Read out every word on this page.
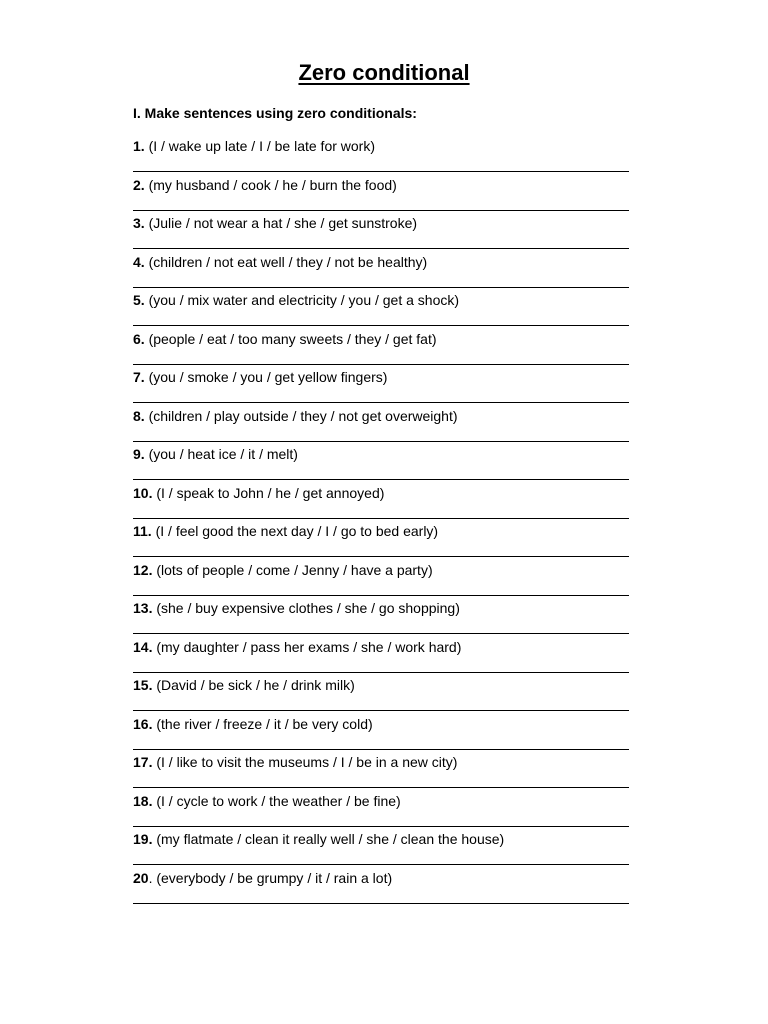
Zero conditional

I. Make sentences using zero conditionals:

1. (I / wake up late / I / be late for work)
2. (my husband / cook / he / burn the food)
3. (Julie / not wear a hat / she / get sunstroke)
4. (children / not eat well / they / not be healthy)
5. (you / mix water and electricity / you / get a shock)
6. (people / eat / too many sweets / they / get fat)
7. (you / smoke / you / get yellow fingers)
8. (children / play outside / they / not get overweight)
9. (you / heat ice / it / melt)
10. (I / speak to John / he / get annoyed)
11. (I / feel good the next day / I / go to bed early)
12. (lots of people / come / Jenny / have a party)
13. (she / buy expensive clothes / she / go shopping)
14. (my daughter / pass her exams / she / work hard)
15. (David / be sick / he / drink milk)
16. (the river / freeze / it / be very cold)
17. (I / like to visit the museums / I / be in a new city)
18. (I / cycle to work / the weather / be fine)
19. (my flatmate / clean it really well / she / clean the house)
20. (everybody / be grumpy / it / rain a lot)
